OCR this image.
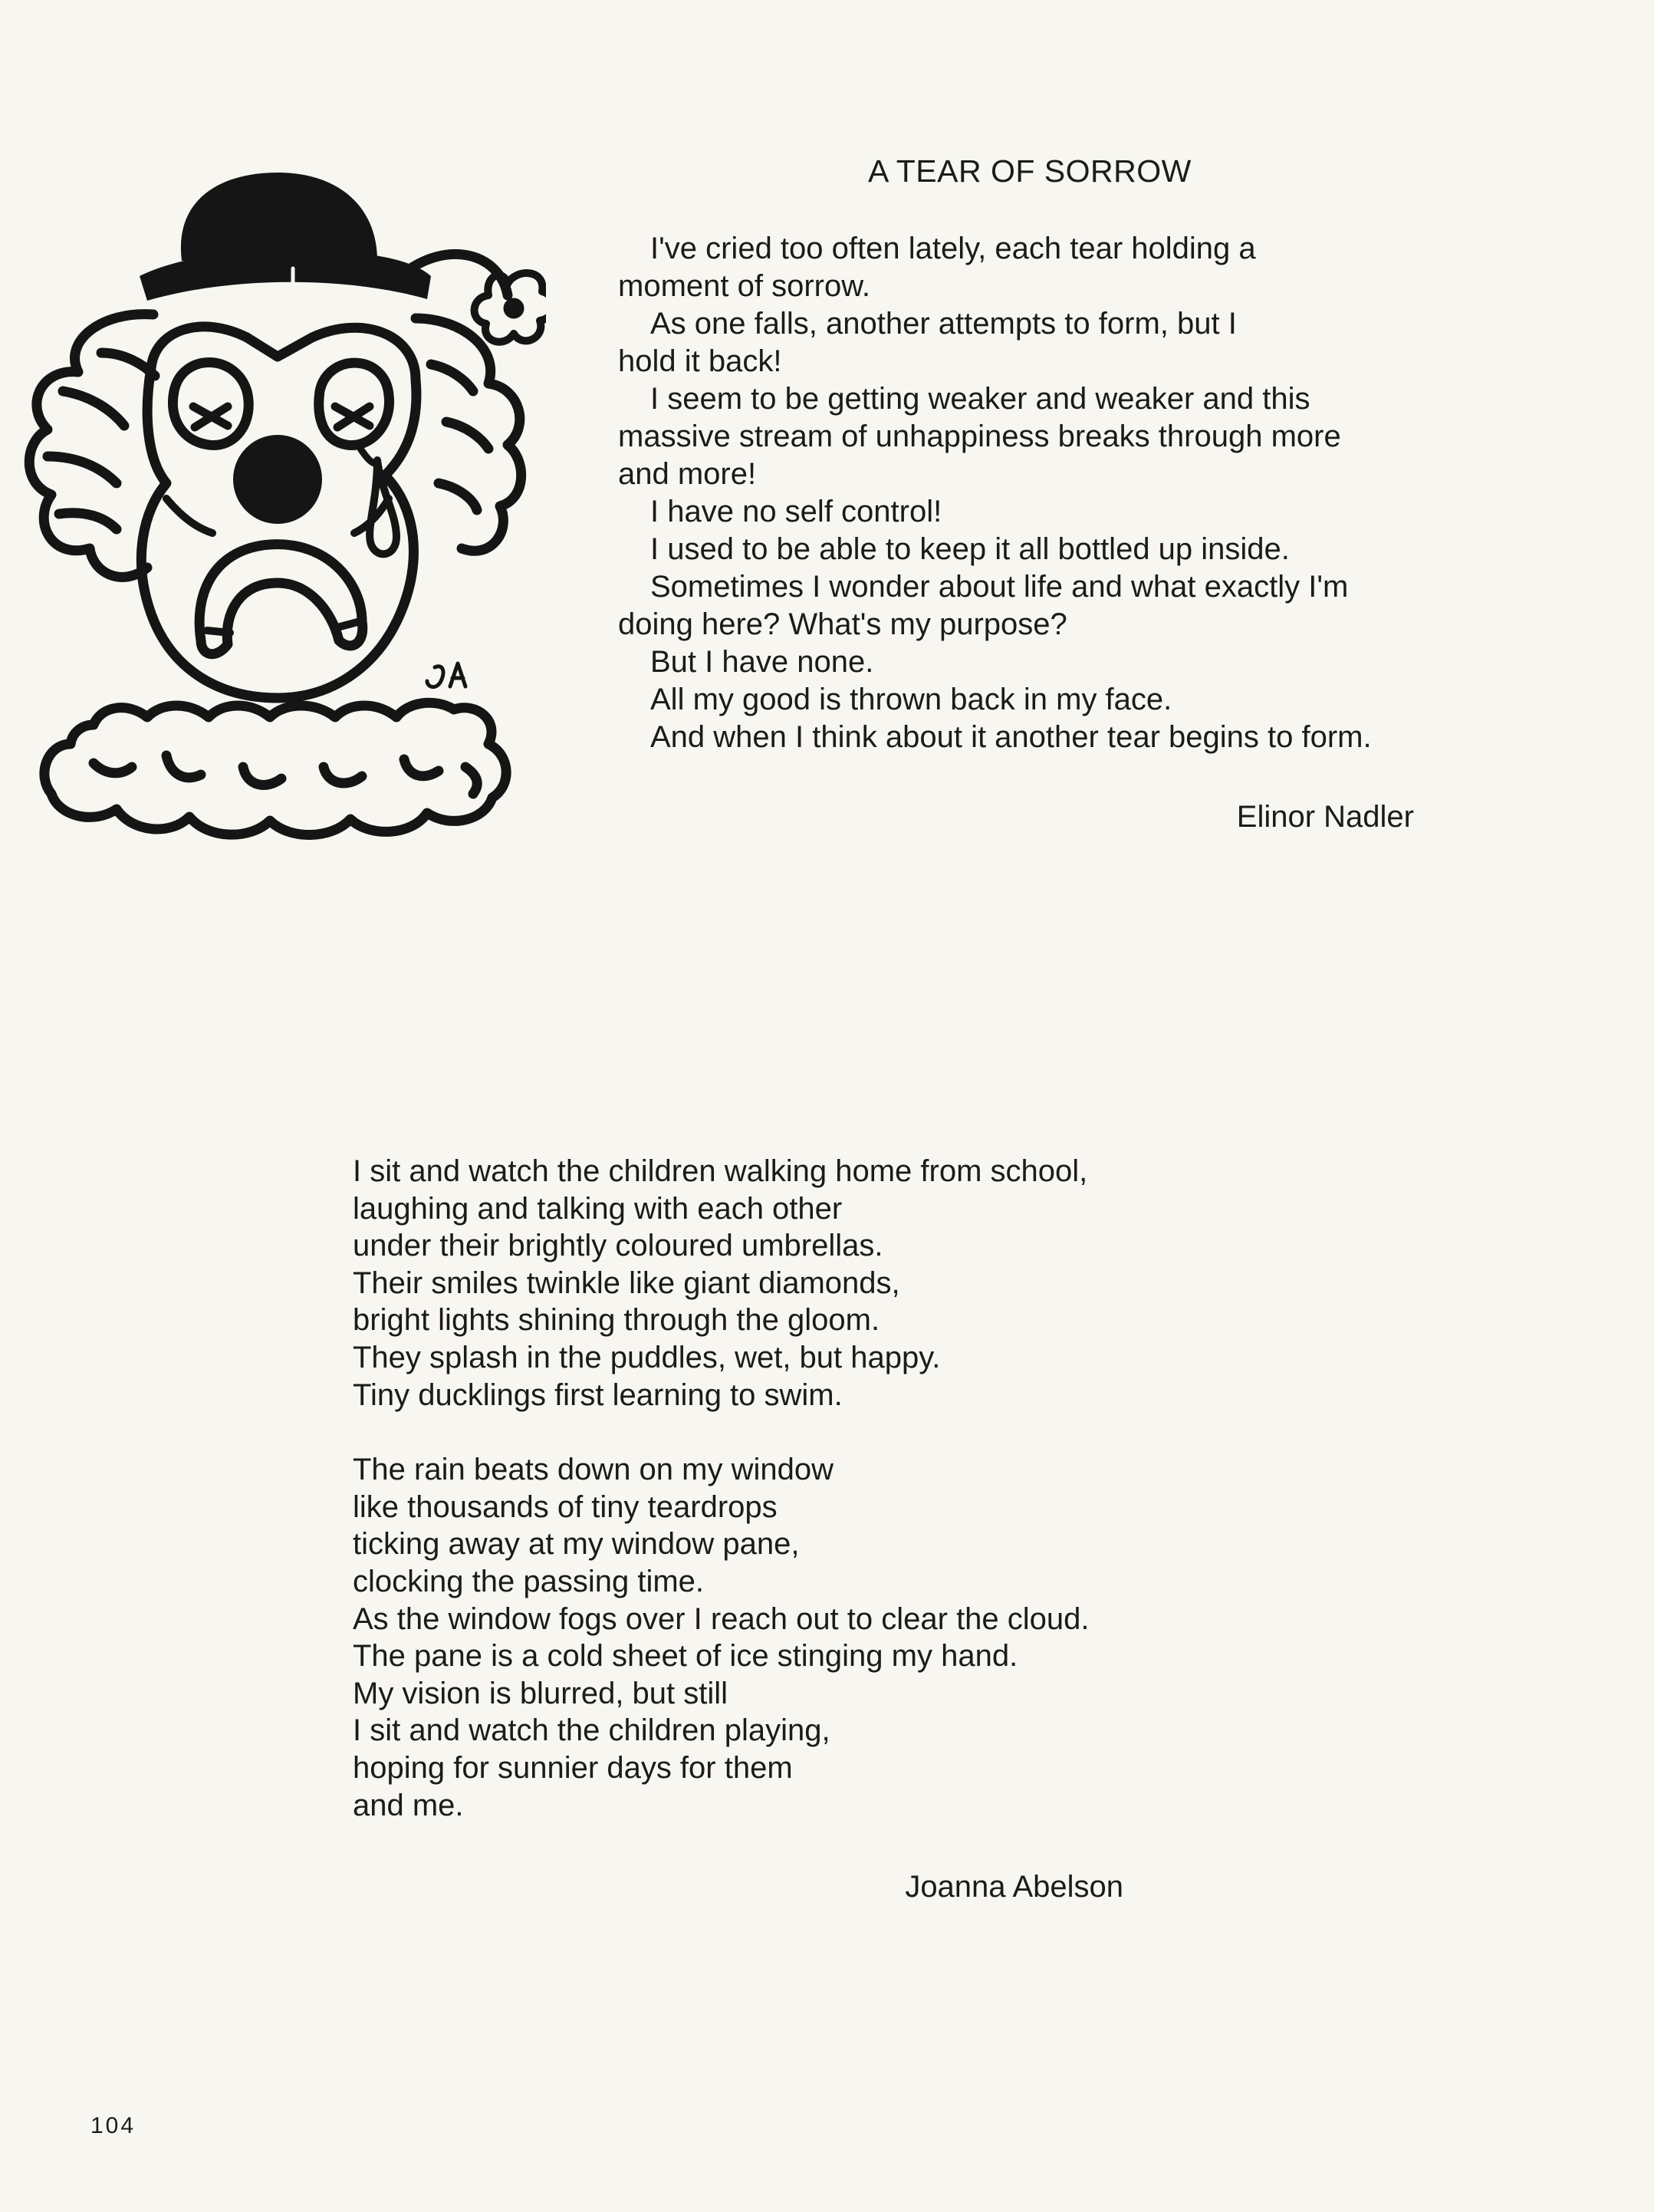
A TEAR OF SORROW
I've cried too often lately, each tear holding a
moment of sorrow.
As one falls, another attempts to form, but I
hold it back!
I seem to be getting weaker and weaker and this
massive stream of unhappiness breaks through more
and more!
I have no self control!
I used to be able to keep it all bottled up inside.
Sometimes I wonder about life and what exactly I'm
doing here? What's my purpose?
But I have none.
All my good is thrown back in my face.
And when I think about it another tear begins to form.
Elinor Nadler
I sit and watch the children walking home from school,
laughing and talking with each other
under their brightly coloured umbrellas.
Their smiles twinkle like giant diamonds,
bright lights shining through the gloom.
They splash in the puddles, wet, but happy.
Tiny ducklings first learning to swim.
The rain beats down on my window
like thousands of tiny teardrops
ticking away at my window pane,
clocking the passing time.
As the window fogs over I reach out to clear the cloud.
The pane is a cold sheet of ice stinging my hand.
My vision is blurred, but still
I sit and watch the children playing,
hoping for sunnier days for them
and me.
Joanna Abelson
104
